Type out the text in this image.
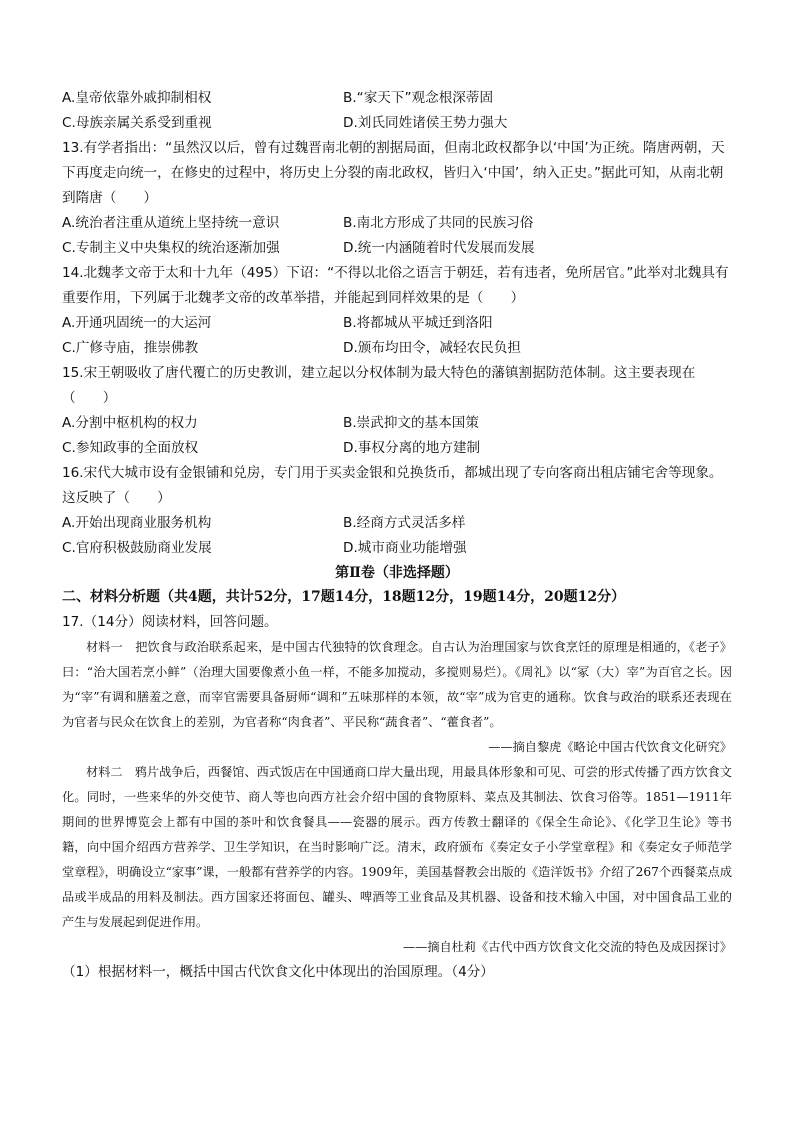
A.皇帝依靠外戚抑制相权	B.“家天下”观念根深蒂固
C.母族亲属关系受到重视	D.刘氏同姓诸侯王势力强大
13.有学者指出：“虽然汉以后，曾有过魏晋南北朝的割据局面，但南北政权都争以‘中国’为正统。隋唐两朝，天下再度走向统一，在修史的过程中，将历史上分裂的南北政权，皆归入‘中国’，纳入正史。”据此可知，从南北朝到隋唐（　　）
A.统治者注重从道统上坚持统一意识	B.南北方形成了共同的民族习俗
C.专制主义中央集权的统治逐渐加强	D.统一内涵随着时代发展而发展
14.北魏孝文帝于太和十九年（495）下诏：“不得以北俗之语言于朝廷，若有违者，免所居官。”此举对北魏具有重要作用，下列属于北魏孝文帝的改革举措，并能起到同样效果的是（　　）
A.开通巩固统一的大运河	B.将都城从平城迁到洛阳
C.广修寺庙，推崇佛教	D.颁布均田令，减轻农民负担
15.宋王朝吸收了唐代覆亡的历史教训，建立起以分权体制为最大特色的藩镇割据防范体制。这主要表现在（　　）
A.分割中枢机构的权力	B.崇武抑文的基本国策
C.参知政事的全面放权	D.事权分离的地方建制
16.宋代大城市设有金银铺和兑房，专门用于买卖金银和兑换货币，都城出现了专向客商出租店铺宅舍等现象。这反映了（　　）
A.开始出现商业服务机构	B.经商方式灵活多样
C.官府积极鼓励商业发展	D.城市商业功能增强
第Ⅱ卷（非选择题）
二、材料分析题（共4题，共计52分，17题14分，18题12分，19题14分，20题12分）
17.（14分）阅读材料，回答问题。
材料一　把饮食与政治联系起来，是中国古代独特的饮食理念。自古认为治理国家与饮食烹饪的原理是相通的，《老子》曰：“治大国若烹小鲜”（治理大国要像煮小鱼一样，不能多加搅动，多搅则易烂）。《周礼》以“冢（大）宰”为百官之长。因为“宰”有调和膳羞之意，而宰官需要具备厨师“调和”五味那样的本领，故“宰”成为官吏的通称。饮食与政治的联系还表现在为官者与民众在饮食上的差别，为官者称“肉食者”、平民称“蔬食者”、“藿食者”。
——摘自黎虎《略论中国古代饮食文化研究》
材料二　鸦片战争后，西餐馆、西式饭店在中国通商口岸大量出现，用最具体形象和可见、可尝的形式传播了西方饮食文化。同时，一些来华的外交使节、商人等也向西方社会介绍中国的食物原料、菜点及其制法、饮食习俗等。1851—1911年期间的世界博览会上都有中国的茶叶和饮食餐具——瓷器的展示。西方传教士翻译的《保全生命论》、《化学卫生论》等书籍，向中国介绍西方营养学、卫生学知识，在当时影响广泛。清末，政府颁布《奏定女子小学堂章程》和《奏定女子师范学堂章程》，明确设立“家事”课，一般都有营养学的内容。1909年，美国基督教会出版的《造洋饭书》介绍了267个西餐菜点成品或半成品的用料及制法。西方国家还将面包、罐头、啤酒等工业食品及其机器、设备和技术输入中国，对中国食品工业的产生与发展起到促进作用。
——摘自杜莉《古代中西方饮食文化交流的特色及成因探讨》
（1）根据材料一，概括中国古代饮食文化中体现出的治国原理。（4分）
